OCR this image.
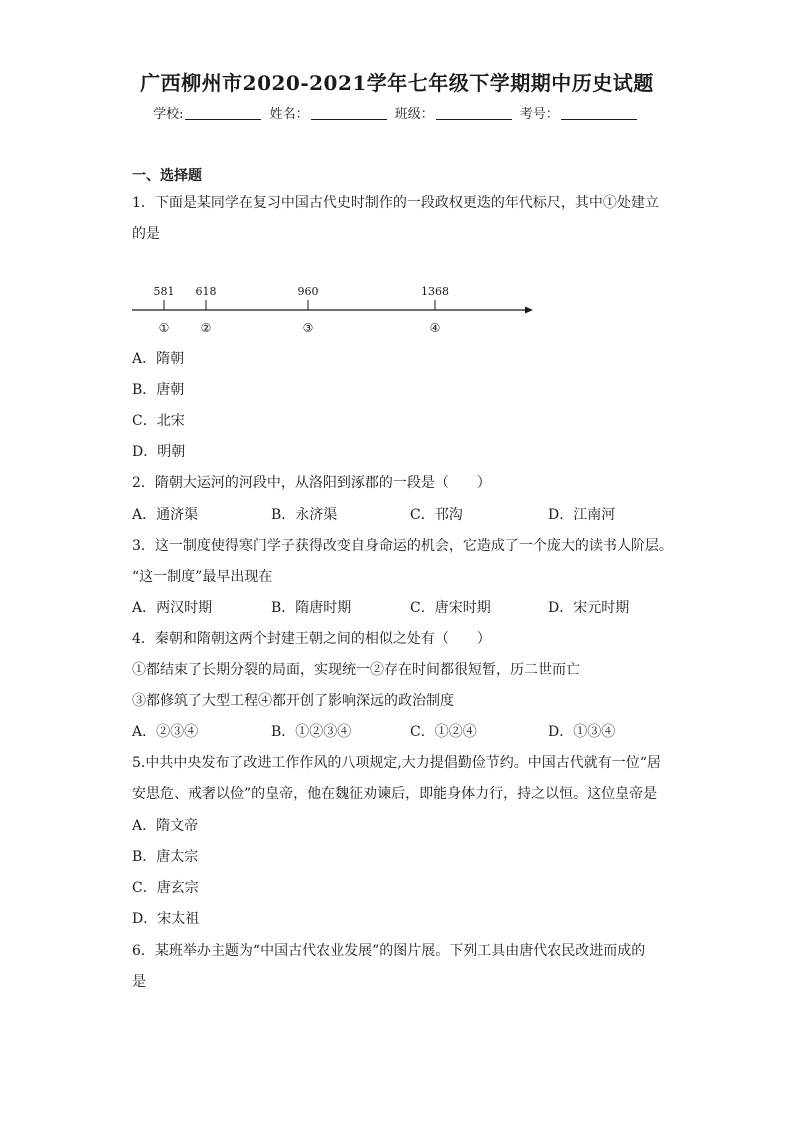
广西柳州市2020-2021学年七年级下学期期中历史试题
学校:	姓名：	班级：	考号：
一、选择题
1．下面是某同学在复习中国古代史时制作的一段政权更迭的年代标尺，其中①处建立
的是
581
①
618
②
960
③
1368
④
A．隋朝
B．唐朝
C．北宋
D．明朝
2．隋朝大运河的河段中，从洛阳到涿郡的一段是（　　）
A．通济渠	B．永济渠	C．邗沟	D．江南河
3．这一制度使得寒门学子获得改变自身命运的机会，它造成了一个庞大的读书人阶层。
“这一制度”最早出现在
A．两汉时期	B．隋唐时期	C．唐宋时期	D．宋元时期
4．秦朝和隋朝这两个封建王朝之间的相似之处有（　　）
①都结束了长期分裂的局面，实现统一②存在时间都很短暂，历二世而亡
③都修筑了大型工程④都开创了影响深远的政治制度
A．②③④	B．①②③④	C．①②④	D．①③④
5.中共中央发布了改进工作作风的八项规定,大力提倡勤俭节约。中国古代就有一位“居
安思危、戒奢以俭”的皇帝，他在魏征劝谏后，即能身体力行，持之以恒。这位皇帝是
A．隋文帝
B．唐太宗
C．唐玄宗
D．宋太祖
6．某班举办主题为“中国古代农业发展”的图片展。下列工具由唐代农民改进而成的
是
